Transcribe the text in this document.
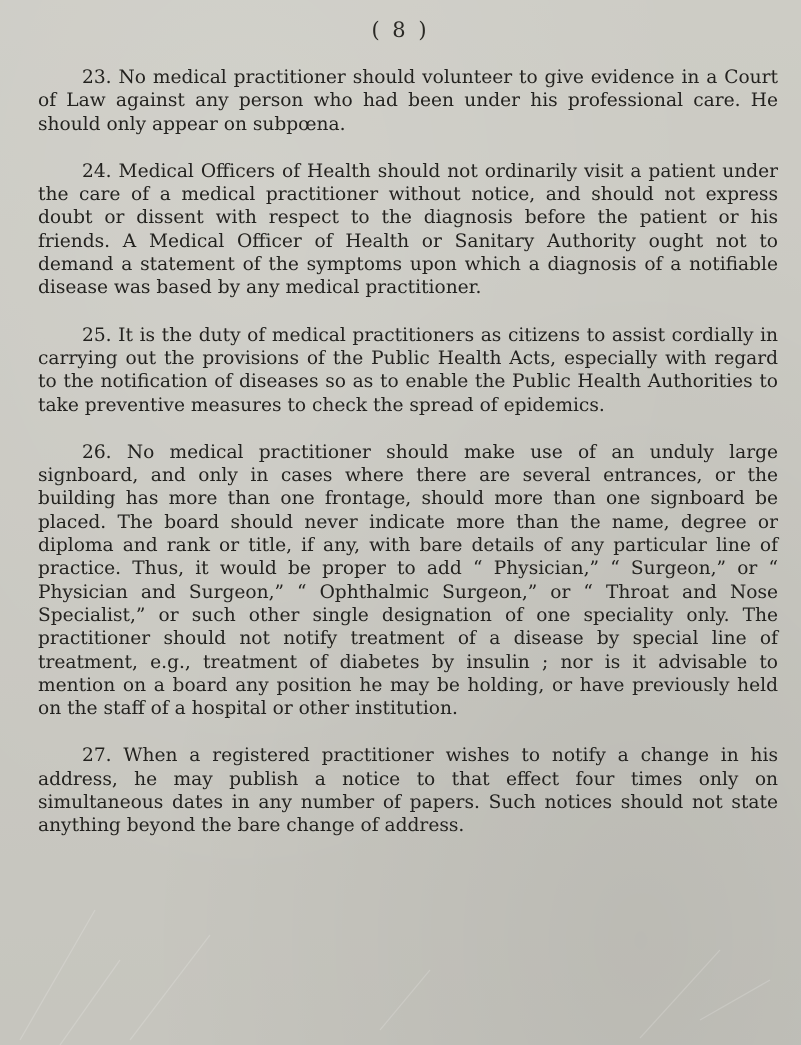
( 8 )

23. No medical practitioner should volunteer to give evidence in a Court of Law against any person who had been under his professional care. He should only appear on subpœna.

24. Medical Officers of Health should not ordinarily visit a patient under the care of a medical practitioner without notice, and should not express doubt or dissent with respect to the diagnosis before the patient or his friends. A Medical Officer of Health or Sanitary Authority ought not to demand a statement of the symptoms upon which a diagnosis of a notifiable disease was based by any medical practitioner.

25. It is the duty of medical practitioners as citizens to assist cordially in carrying out the provisions of the Public Health Acts, especially with regard to the notification of diseases so as to enable the Public Health Authorities to take preventive measures to check the spread of epidemics.

26. No medical practitioner should make use of an unduly large signboard, and only in cases where there are several entrances, or the building has more than one frontage, should more than one signboard be placed. The board should never indicate more than the name, degree or diploma and rank or title, if any, with bare details of any particular line of practice. Thus, it would be proper to add “ Physician,” “ Surgeon,” or “ Physician and Surgeon,” “ Ophthalmic Surgeon,” or “ Throat and Nose Specialist,” or such other single designation of one speciality only. The practitioner should not notify treatment of a disease by special line of treatment, e.g., treatment of diabetes by insulin ; nor is it advisable to mention on a board any position he may be holding, or have previously held on the staff of a hospital or other institution.

27. When a registered practitioner wishes to notify a change in his address, he may publish a notice to that effect four times only on simultaneous dates in any number of papers. Such notices should not state anything beyond the bare change of address.
